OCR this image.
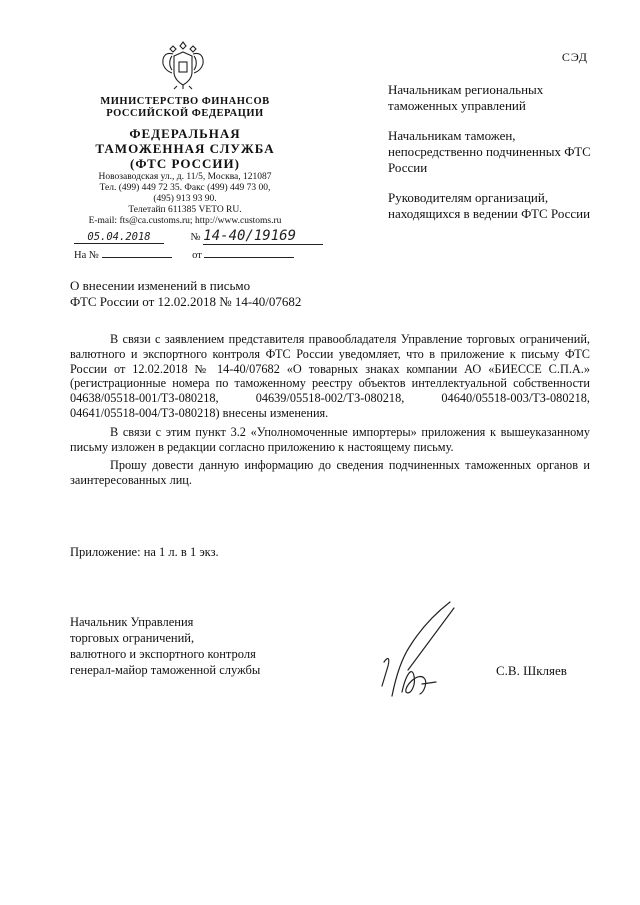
СЭД
МИНИСТЕРСТВО ФИНАНСОВ
РОССИЙСКОЙ ФЕДЕРАЦИИ
ФЕДЕРАЛЬНАЯ
ТАМОЖЕННАЯ СЛУЖБА
(ФТС РОССИИ)
Новозаводская ул., д. 11/5, Москва, 121087
Тел. (499) 449 72 35. Факс (499) 449 73 00,
(495) 913 93 90.
Телетайп 611385 VETO RU.
E-mail: fts@ca.customs.ru; http://www.customs.ru
05.04.2018	№ 14-40/19169
На №	от
Начальникам региональных таможенных управлений
Начальникам таможен, непосредственно подчиненных ФТС России
Руководителям организаций, находящихся в ведении ФТС России
О внесении изменений в письмо
ФТС России от 12.02.2018 № 14-40/07682

В связи с заявлением представителя правообладателя Управление торговых ограничений, валютного и экспортного контроля ФТС России уведомляет, что в приложение к письму ФТС России от 12.02.2018 № 14-40/07682 «О товарных знаках компании АО «БИЕССЕ С.П.А.» (регистрационные номера по таможенному реестру объектов интеллектуальной собственности 04638/05518-001/ТЗ-080218, 04639/05518-002/ТЗ-080218, 04640/05518-003/ТЗ-080218, 04641/05518-004/ТЗ-080218) внесены изменения.

В связи с этим пункт 3.2 «Уполномоченные импортеры» приложения к вышеуказанному письму изложен в редакции согласно приложению к настоящему письму.

Прошу довести данную информацию до сведения подчиненных таможенных органов и заинтересованных лиц.

Приложение: на 1 л. в 1 экз.
Начальник Управления
торговых ограничений,
валютного и экспортного контроля
генерал-майор таможенной службы	С.В. Шкляев
